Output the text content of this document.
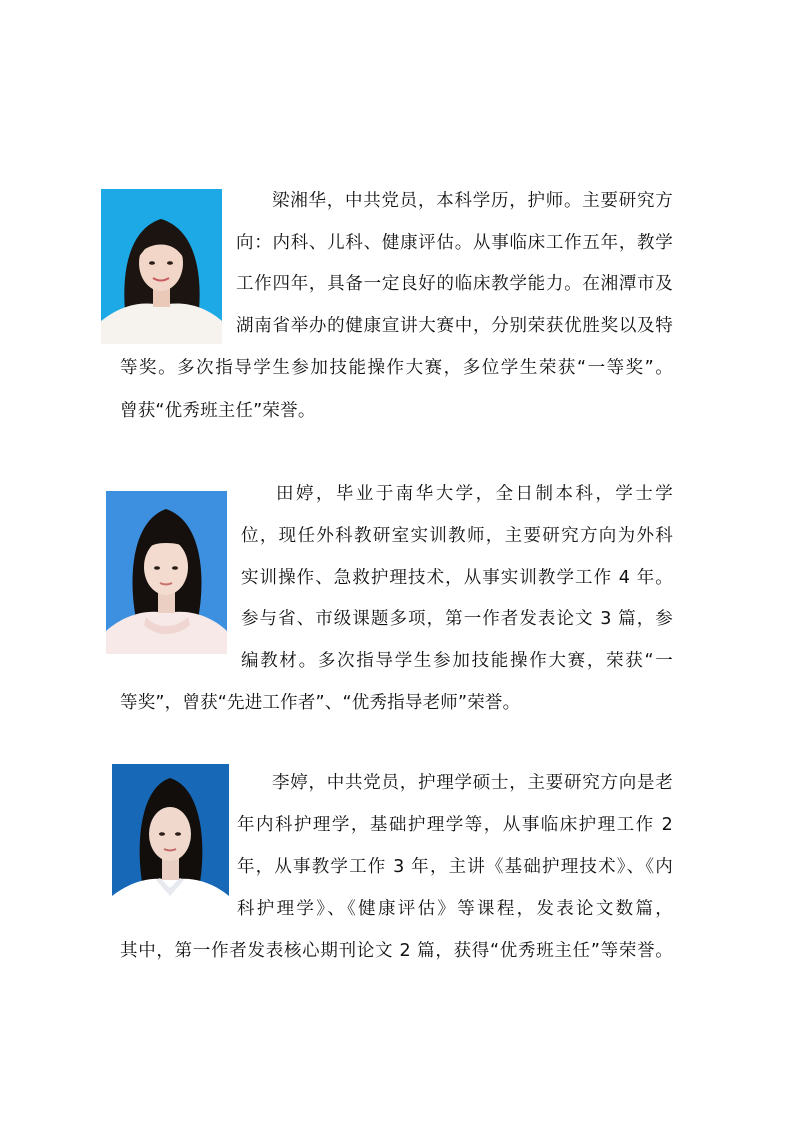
梁湘华，中共党员，本科学历，护师。主要研究方
向：内科、儿科、健康评估。从事临床工作五年，教学
工作四年，具备一定良好的临床教学能力。在湘潭市及
湖南省举办的健康宣讲大赛中，分别荣获优胜奖以及特
等奖。多次指导学生参加技能操作大赛，多位学生荣获“一等奖”。
曾获“优秀班主任”荣誉。
田婷，毕业于南华大学，全日制本科，学士学
位，现任外科教研室实训教师，主要研究方向为外科
实训操作、急救护理技术，从事实训教学工作 4 年。
参与省、市级课题多项，第一作者发表论文 3 篇，参
编教材。多次指导学生参加技能操作大赛，荣获“一
等奖”，曾获“先进工作者”、“优秀指导老师”荣誉。
李婷，中共党员，护理学硕士，主要研究方向是老
年内科护理学，基础护理学等，从事临床护理工作 2
年，从事教学工作 3 年，主讲《基础护理技术》、《内
科护理学》、《健康评估》等课程，发表论文数篇，
其中，第一作者发表核心期刊论文 2 篇，获得“优秀班主任”等荣誉。
